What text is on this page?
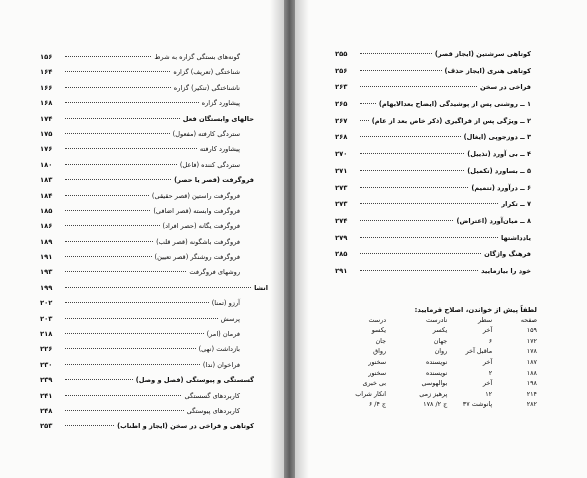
گونه‌های بستگی گزاره به شرط
۱۵۶
شناختگی (تعریف) گزاره
۱۶۴
ناشناختگی (تنکیر) گزاره
۱۶۶
پیشاورد گزاره
۱۶۸
حالهای وابستگان فعل
۱۷۴
ستردگی کارفته (مفعول)
۱۷۵
پیشاورد کارفته
۱۷۶
ستردگی کننده (فاعل)
۱۸۰
فروگرفت (قصر یا حصر)
۱۸۳
فروگرفت راستین (قصر حقیقی)
۱۸۴
فروگرفت وابسته (قصر اضافی)
۱۸۵
فروگرفت یگانه (حصر افراد)
۱۸۶
فروگرفت باشگونه (قصر قلب)
۱۸۹
فروگرفت روشنگر (قصر تعیین)
۱۹۱
روشهای فروگرفت
۱۹۳
انشا
۱۹۹
آرزو (تمنا)
۲۰۲
پرسش
۲۰۳
فرمان (امر)
۲۱۸
بازداشت (نهی)
۲۲۶
فراخوان (ندا)
۲۳۰
گسستگی و پیوستگی (فصل و وصل)
۲۳۹
کاربردهای گسستگی
۲۴۱
کاربردهای پیوستگی
۲۴۸
کوتاهی و فراخی در سخن (ایجاز و اطناب)
۲۵۳
کوتاهی سرشتین (ایجاز قصر)
۲۵۵
کوتاهی هنری (ایجاز حذف)
۲۵۶
فراخی در سخن
۲۶۳
۱ ــ روشنی پس از پوشیدگی (ایضاح بعدالابهام)
۲۶۵
۲ ــ ویژگی پس از فراگیری (ذکر خاص بعد از عام)
۲۶۷
۳ ــ دوزجوپی (ایغال)
۲۶۸
۴ ــ بی آورد (تذییل)
۲۷۰
۵ ــ بساورد (تکمیل)
۲۷۱
۶ ــ درآورد (تتمیم)
۲۷۳
۷ ــ تکرار
۲۷۳
۸ ــ میان‌آورد (اعتراض)
۲۷۴
یادداشتها
۲۷۹
فرهنگ واژگان
۲۸۵
خود را بیازمایید
۲۹۱
لطفاً پیش از خواندن، اصلاح فرمایید:
صفحه	سطر	نادرست	درست
۱۵۹	آخر	یکسر	یکسو
۱۷۲	۶	جهان	جان
۱۷۸	ماقبل آخر	روان	رواق
۱۸۷	آخر	نویسنده	سخنور
۱۸۸	۲	نویسنده	سخنور
۱۹۸	آخر	بوالهوسی	بی خبری
۲۱۴	۱۲	پرهیز زمی	انکار شراب
۲۸۲	پانوشت ۳۷	ج ۲/ ۱۷۸	ج ۴/ ۶
